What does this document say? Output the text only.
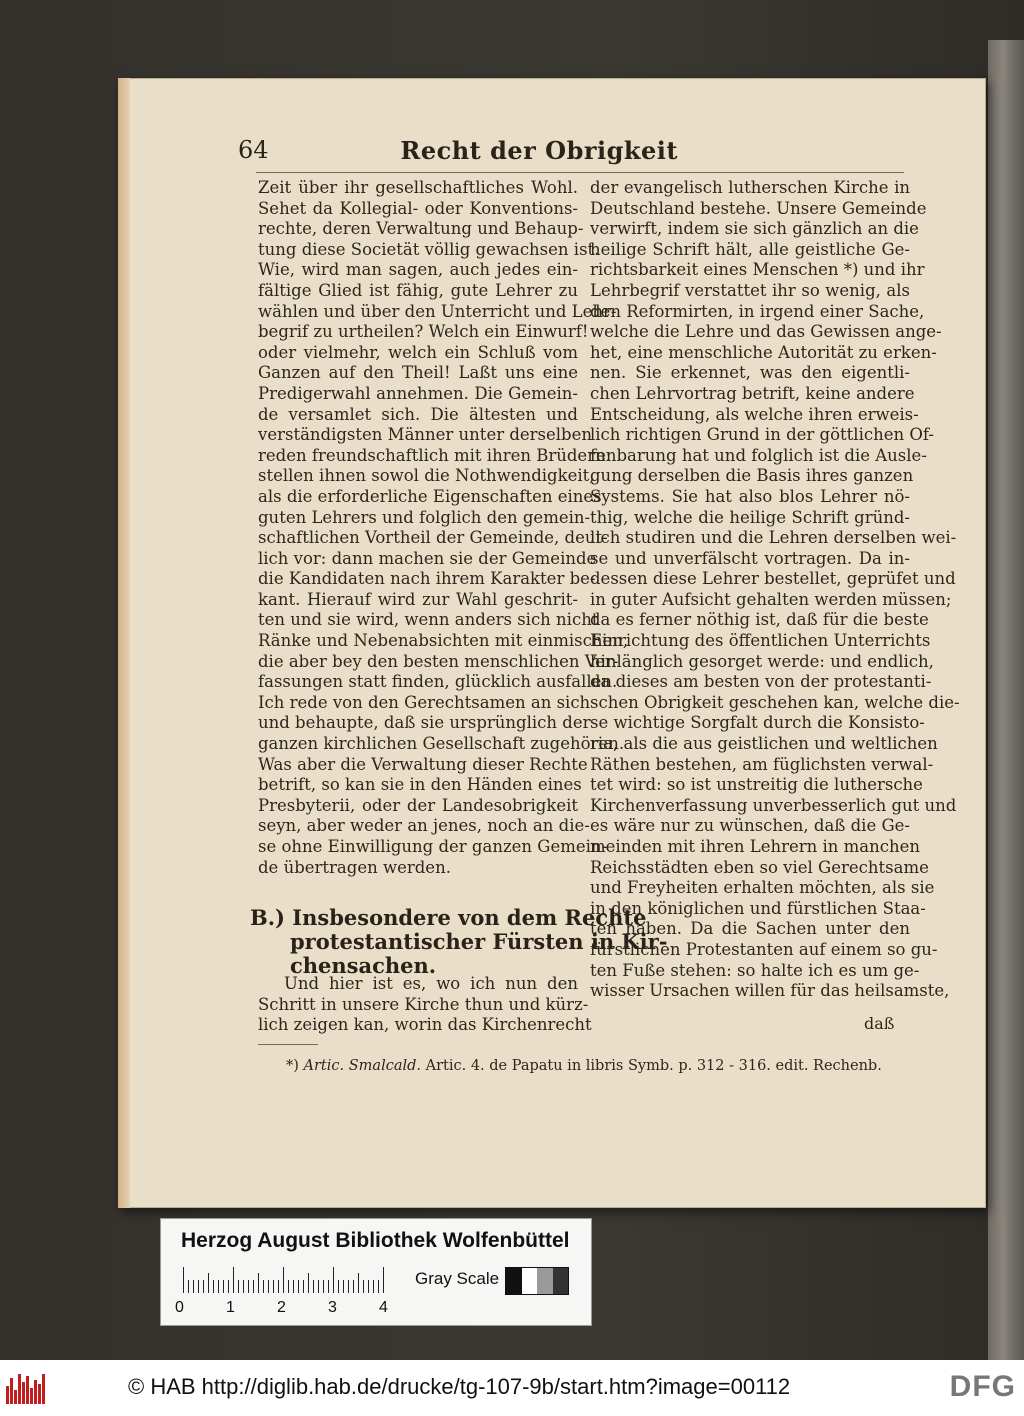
64	Recht der Obrigkeit
Zeit über ihr gesellschaftliches Wohl.
Sehet da Kollegial- oder Konventions-
rechte, deren Verwaltung und Behaup-
tung diese Societät völlig gewachsen ist.
Wie, wird man sagen, auch jedes ein-
fältige Glied ist fähig, gute Lehrer zu
wählen und über den Unterricht und Lehr-
begrif zu urtheilen? Welch ein Einwurf!
oder vielmehr, welch ein Schluß vom
Ganzen auf den Theil! Laßt uns eine
Predigerwahl annehmen. Die Gemein-
de versamlet sich. Die ältesten und
verständigsten Männer unter derselben
reden freundschaftlich mit ihren Brüdern:
stellen ihnen sowol die Nothwendigkeit,
als die erforderliche Eigenschaften eines
guten Lehrers und folglich den gemein-
schaftlichen Vortheil der Gemeinde, deut-
lich vor: dann machen sie der Gemeinde
die Kandidaten nach ihrem Karakter be-
kant. Hierauf wird zur Wahl geschrit-
ten und sie wird, wenn anders sich nicht
Ränke und Nebenabsichten mit einmischen,
die aber bey den besten menschlichen Ver-
fassungen statt finden, glücklich ausfallen.
Ich rede von den Gerechtsamen an sich
und behaupte, daß sie ursprünglich der
ganzen kirchlichen Gesellschaft zugehören.
Was aber die Verwaltung dieser Rechte
betrift, so kan sie in den Händen eines
Presbyterii, oder der Landesobrigkeit
seyn, aber weder an jenes, noch an die-
se ohne Einwilligung der ganzen Gemein-
de übertragen werden.
B.) Insbesondere von dem Rechte
protestantischer Fürsten in Kir-
chensachen.
Und hier ist es, wo ich nun den
Schritt in unsere Kirche thun und kürz-
lich zeigen kan, worin das Kirchenrecht
der evangelisch lutherschen Kirche in
Deutschland bestehe. Unsere Gemeinde
verwirft, indem sie sich gänzlich an die
heilige Schrift hält, alle geistliche Ge-
richtsbarkeit eines Menschen *) und ihr
Lehrbegrif verstattet ihr so wenig, als
den Reformirten, in irgend einer Sache,
welche die Lehre und das Gewissen ange-
het, eine menschliche Autorität zu erken-
nen. Sie erkennet, was den eigentli-
chen Lehrvortrag betrift, keine andere
Entscheidung, als welche ihren erweis-
lich richtigen Grund in der göttlichen Of-
fenbarung hat und folglich ist die Ausle-
gung derselben die Basis ihres ganzen
Systems. Sie hat also blos Lehrer nö-
thig, welche die heilige Schrift gründ-
lich studiren und die Lehren derselben wei-
se und unverfälscht vortragen. Da in-
dessen diese Lehrer bestellet, geprüfet und
in guter Aufsicht gehalten werden müssen;
da es ferner nöthig ist, daß für die beste
Einrichtung des öffentlichen Unterrichts
hinlänglich gesorget werde: und endlich,
da dieses am besten von der protestanti-
schen Obrigkeit geschehen kan, welche die-
se wichtige Sorgfalt durch die Konsisto-
ria, als die aus geistlichen und weltlichen
Räthen bestehen, am füglichsten verwal-
tet wird: so ist unstreitig die luthersche
Kirchenverfassung unverbesserlich gut und
es wäre nur zu wünschen, daß die Ge-
meinden mit ihren Lehrern in manchen
Reichsstädten eben so viel Gerechtsame
und Freyheiten erhalten möchten, als sie
in den königlichen und fürstlichen Staa-
ten haben. Da die Sachen unter den
fürstlichen Protestanten auf einem so gu-
ten Fuße stehen: so halte ich es um ge-
wisser Ursachen willen für das heilsamste,
daß
*) Artic. Smalcald. Artic. 4. de Papatu in libris Symb. p. 312 - 316. edit. Rechenb.
Herzog August Bibliothek Wolfenbüttel
0	1	2	3	4
Gray Scale
© HAB http://diglib.hab.de/drucke/tg-107-9b/start.htm?image=00112	DFG
